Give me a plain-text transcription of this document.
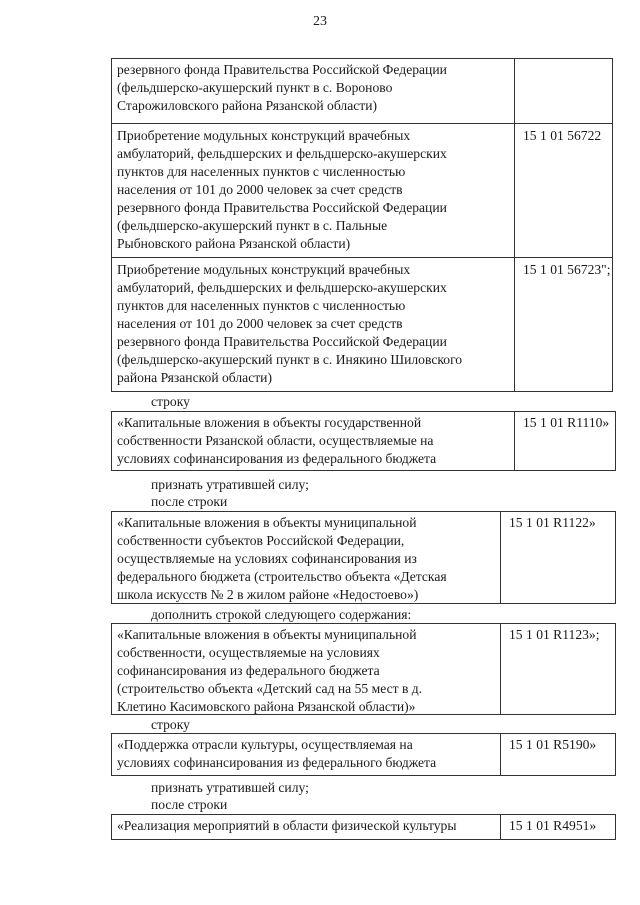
23
резервного фонда Правительства Российской Федерации
(фельдшерско-акушерский пункт в с. Вороново
Старожиловского района Рязанской области)
Приобретение модульных конструкций врачебных
амбулаторий, фельдшерских и фельдшерско-акушерских
пунктов для населенных пунктов с численностью
населения от 101 до 2000 человек за счет средств
резервного фонда Правительства Российской Федерации
(фельдшерско-акушерский пункт в с. Пальные
Рыбновского района Рязанской области)
15 1 01 56722
Приобретение модульных конструкций врачебных
амбулаторий, фельдшерских и фельдшерско-акушерских
пунктов для населенных пунктов с численностью
населения от 101 до 2000 человек за счет средств
резервного фонда Правительства Российской Федерации
(фельдшерско-акушерский пункт в с. Инякино Шиловского
района Рязанской области)
15 1 01 56723";
строку
«Капитальные вложения в объекты государственной
собственности Рязанской области, осуществляемые на
условиях софинансирования из федерального бюджета
15 1 01 R1110»
признать утратившей силу;
после строки
«Капитальные вложения в объекты муниципальной
собственности субъектов Российской Федерации,
осуществляемые на условиях софинансирования из
федерального бюджета (строительство объекта «Детская
школа искусств № 2 в жилом районе «Недостоево»)
15 1 01 R1122»
дополнить строкой следующего содержания:
«Капитальные вложения в объекты муниципальной
собственности, осуществляемые на условиях
софинансирования из федерального бюджета
(строительство объекта «Детский сад на 55 мест в д.
Клетино Касимовского района Рязанской области)»
15 1 01 R1123»;
строку
«Поддержка отрасли культуры, осуществляемая на
условиях софинансирования из федерального бюджета
15 1 01 R5190»
признать утратившей силу;
после строки
«Реализация мероприятий в области физической культуры	15 1 01 R4951»
